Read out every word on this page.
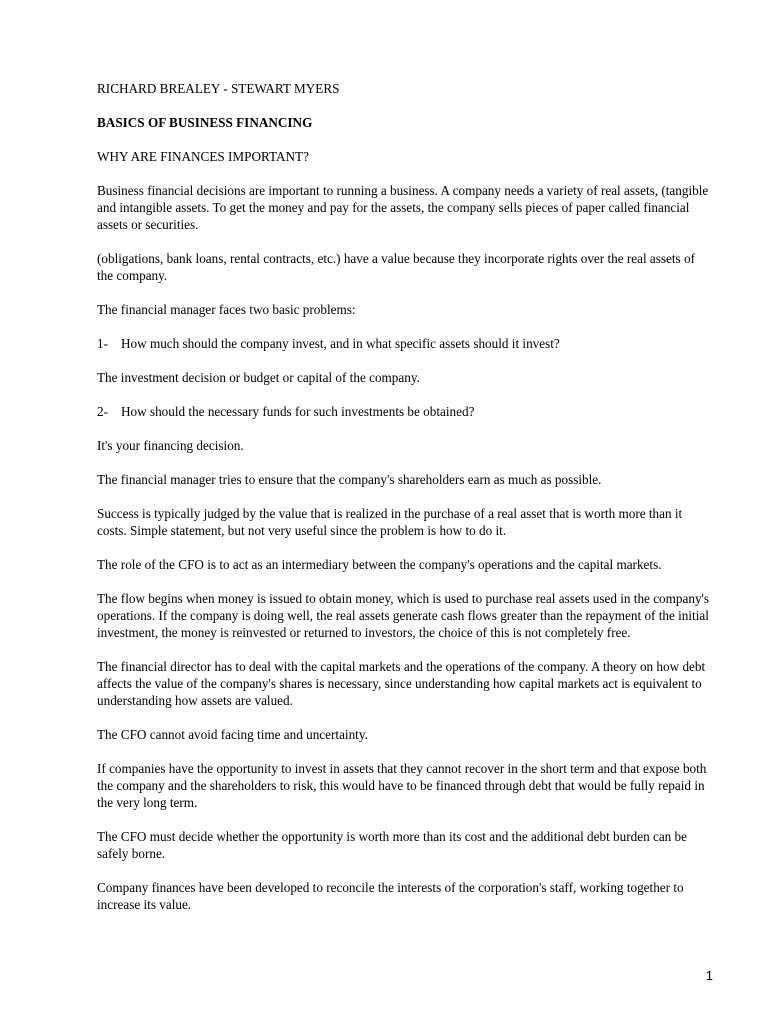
RICHARD BREALEY - STEWART MYERS

BASICS OF BUSINESS FINANCING

WHY ARE FINANCES IMPORTANT?

Business financial decisions are important to running a business. A company needs a variety of real assets, (tangible and intangible assets. To get the money and pay for the assets, the company sells pieces of paper called financial assets or securities.

(obligations, bank loans, rental contracts, etc.) have a value because they incorporate rights over the real assets of the company.

The financial manager faces two basic problems:

1- How much should the company invest, and in what specific assets should it invest?

The investment decision or budget or capital of the company.

2- How should the necessary funds for such investments be obtained?

It's your financing decision.

The financial manager tries to ensure that the company's shareholders earn as much as possible.

Success is typically judged by the value that is realized in the purchase of a real asset that is worth more than it costs. Simple statement, but not very useful since the problem is how to do it.

The role of the CFO is to act as an intermediary between the company's operations and the capital markets.

The flow begins when money is issued to obtain money, which is used to purchase real assets used in the company's operations. If the company is doing well, the real assets generate cash flows greater than the repayment of the initial investment, the money is reinvested or returned to investors, the choice of this is not completely free.

The financial director has to deal with the capital markets and the operations of the company. A theory on how debt affects the value of the company's shares is necessary, since understanding how capital markets act is equivalent to understanding how assets are valued.

The CFO cannot avoid facing time and uncertainty.

If companies have the opportunity to invest in assets that they cannot recover in the short term and that expose both the company and the shareholders to risk, this would have to be financed through debt that would be fully repaid in the very long term.

The CFO must decide whether the opportunity is worth more than its cost and the additional debt burden can be safely borne.

Company finances have been developed to reconcile the interests of the corporation's staff, working together to increase its value.

1
